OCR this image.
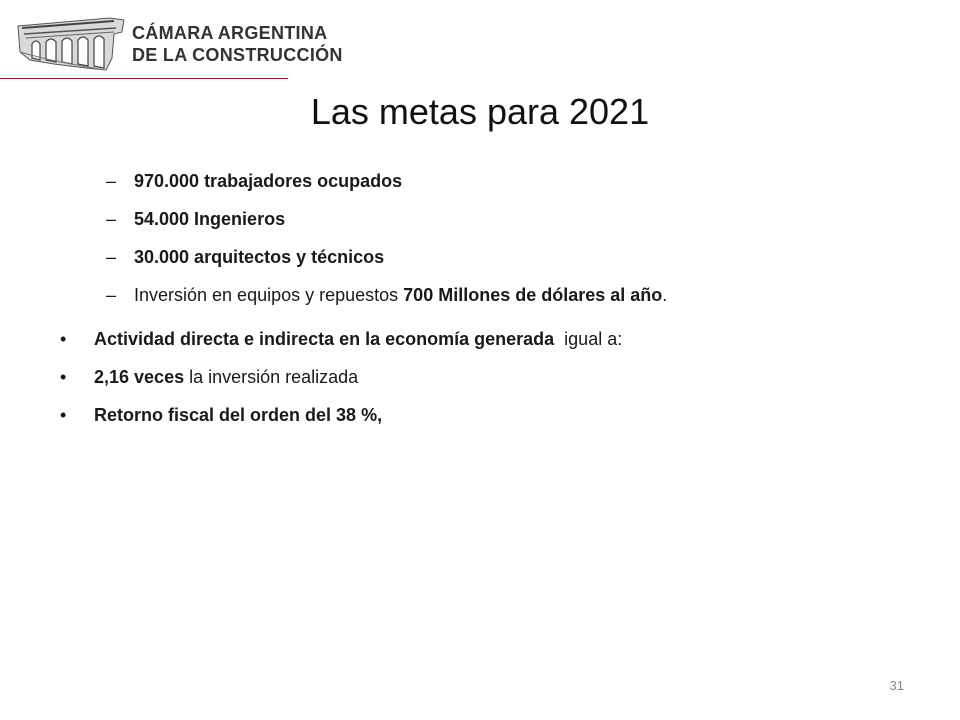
CÁMARA ARGENTINA
DE LA CONSTRUCCIÓN
Las metas para 2021
– 970.000 trabajadores ocupados
– 54.000 Ingenieros
– 30.000 arquitectos y técnicos
– Inversión en equipos y repuestos 700 Millones de dólares al año.
• Actividad directa e indirecta en la economía generada  igual a:
• 2,16 veces la inversión realizada
• Retorno fiscal del orden del 38 %,
31
